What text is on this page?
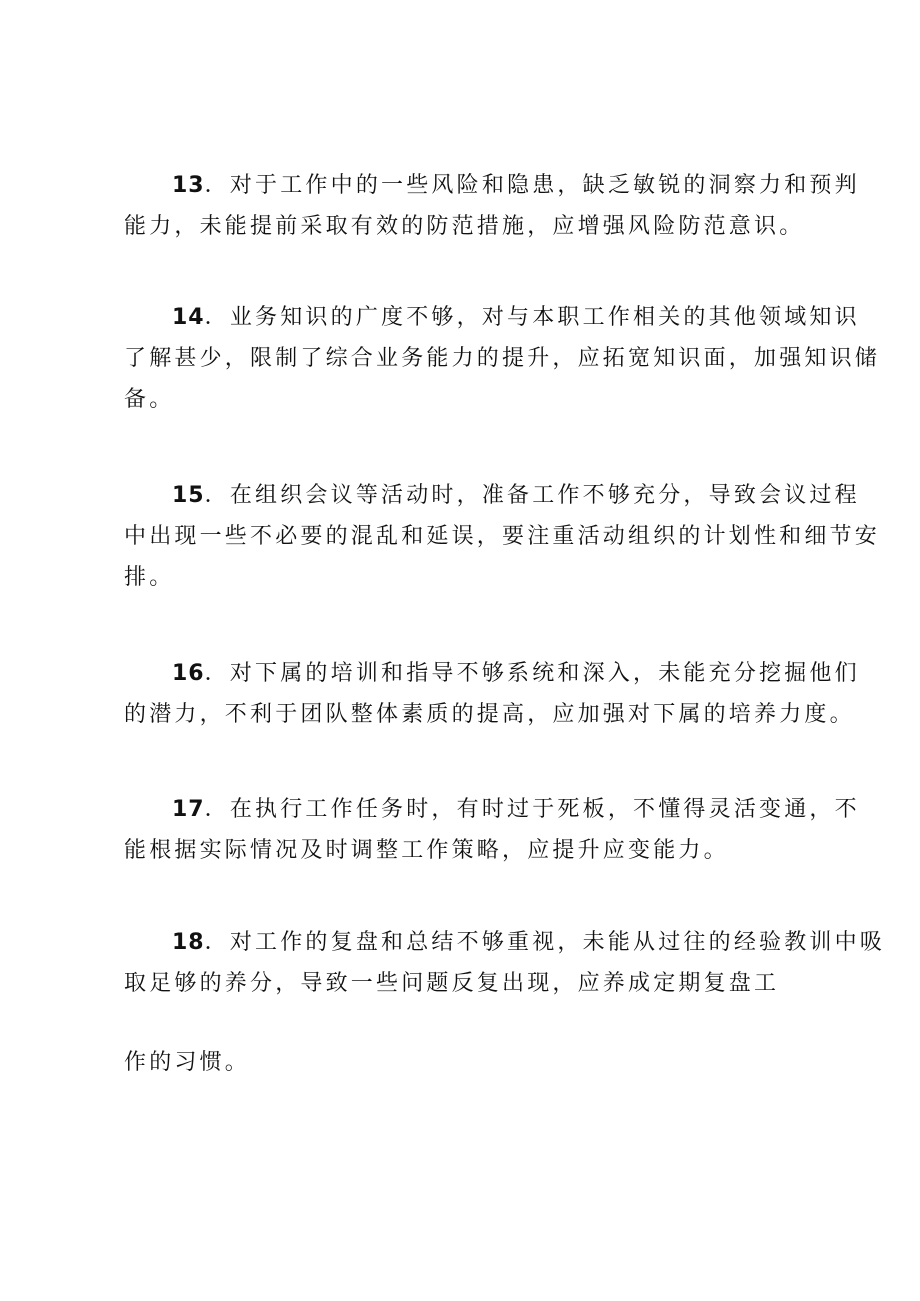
13．对于工作中的一些风险和隐患，缺乏敏锐的洞察力和预判
能力，未能提前采取有效的防范措施，应增强风险防范意识。

14．业务知识的广度不够，对与本职工作相关的其他领域知识
了解甚少，限制了综合业务能力的提升，应拓宽知识面，加强知识储
备。

15．在组织会议等活动时，准备工作不够充分，导致会议过程
中出现一些不必要的混乱和延误，要注重活动组织的计划性和细节安
排。

16．对下属的培训和指导不够系统和深入，未能充分挖掘他们
的潜力，不利于团队整体素质的提高，应加强对下属的培养力度。

17．在执行工作任务时，有时过于死板，不懂得灵活变通，不
能根据实际情况及时调整工作策略，应提升应变能力。

18．对工作的复盘和总结不够重视，未能从过往的经验教训中吸
取足够的养分，导致一些问题反复出现，应养成定期复盘工

作的习惯。
